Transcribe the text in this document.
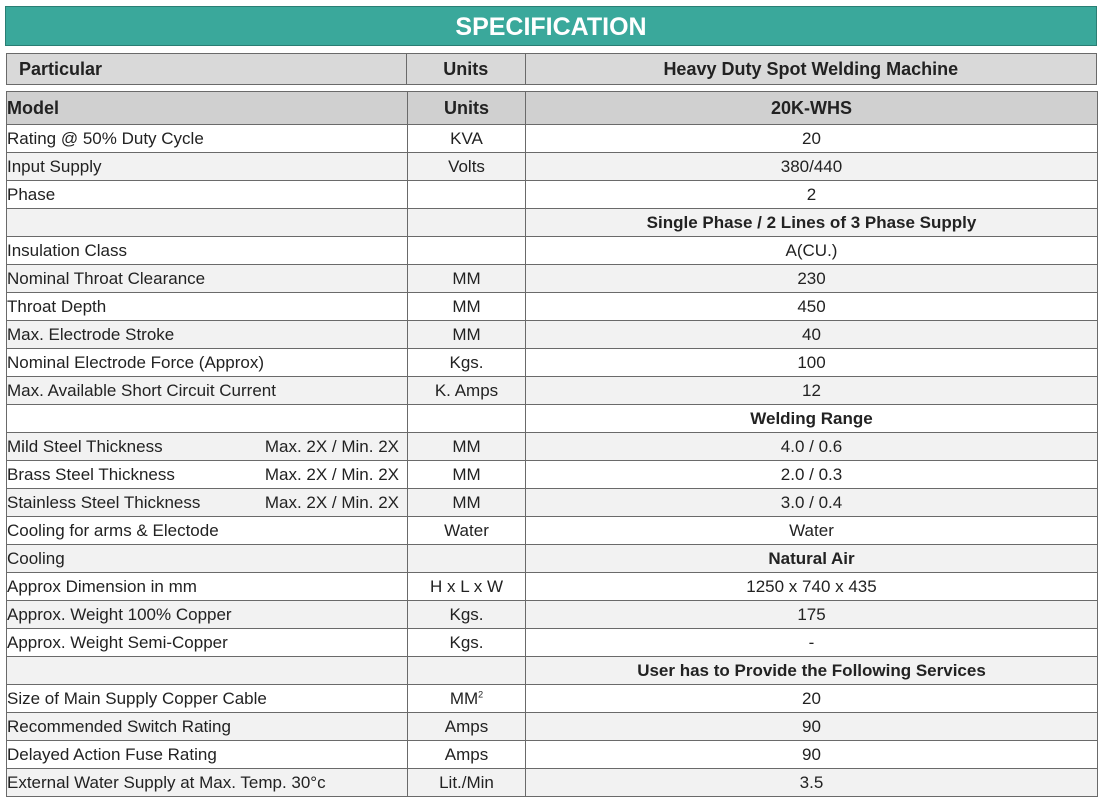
SPECIFICATION
Particular	Units	Heavy Duty Spot Welding Machine
Model	Units	20K-WHS
Rating @ 50% Duty Cycle	KVA	20
Input Supply	Volts	380/440
Phase		2
		Single Phase / 2 Lines of 3 Phase Supply
Insulation Class		A(CU.)
Nominal Throat Clearance	MM	230
Throat Depth	MM	450
Max. Electrode Stroke	MM	40
Nominal Electrode Force (Approx)	Kgs.	100
Max. Available Short Circuit Current	K. Amps	12
		Welding Range

Mild Steel Thickness Max. 2X / Min. 2X	MM	4.0 / 0.6

Brass Steel Thickness Max. 2X / Min. 2X	MM	2.0 / 0.3

Stainless Steel Thickness Max. 2X / Min. 2X	MM	3.0 / 0.4
Cooling for arms & Electode	Water	Water
Cooling		Natural Air
Approx Dimension in mm	H x L x W	1250 x 740 x 435
Approx. Weight 100% Copper	Kgs.	175
Approx. Weight Semi-Copper	Kgs.	-
		User has to Provide the Following Services
Size of Main Supply Copper Cable	$MM^2$	20
Recommended Switch Rating	Amps	90
Delayed Action Fuse Rating	Amps	90
External Water Supply at Max. Temp. 30°c	Lit./Min	3.5
